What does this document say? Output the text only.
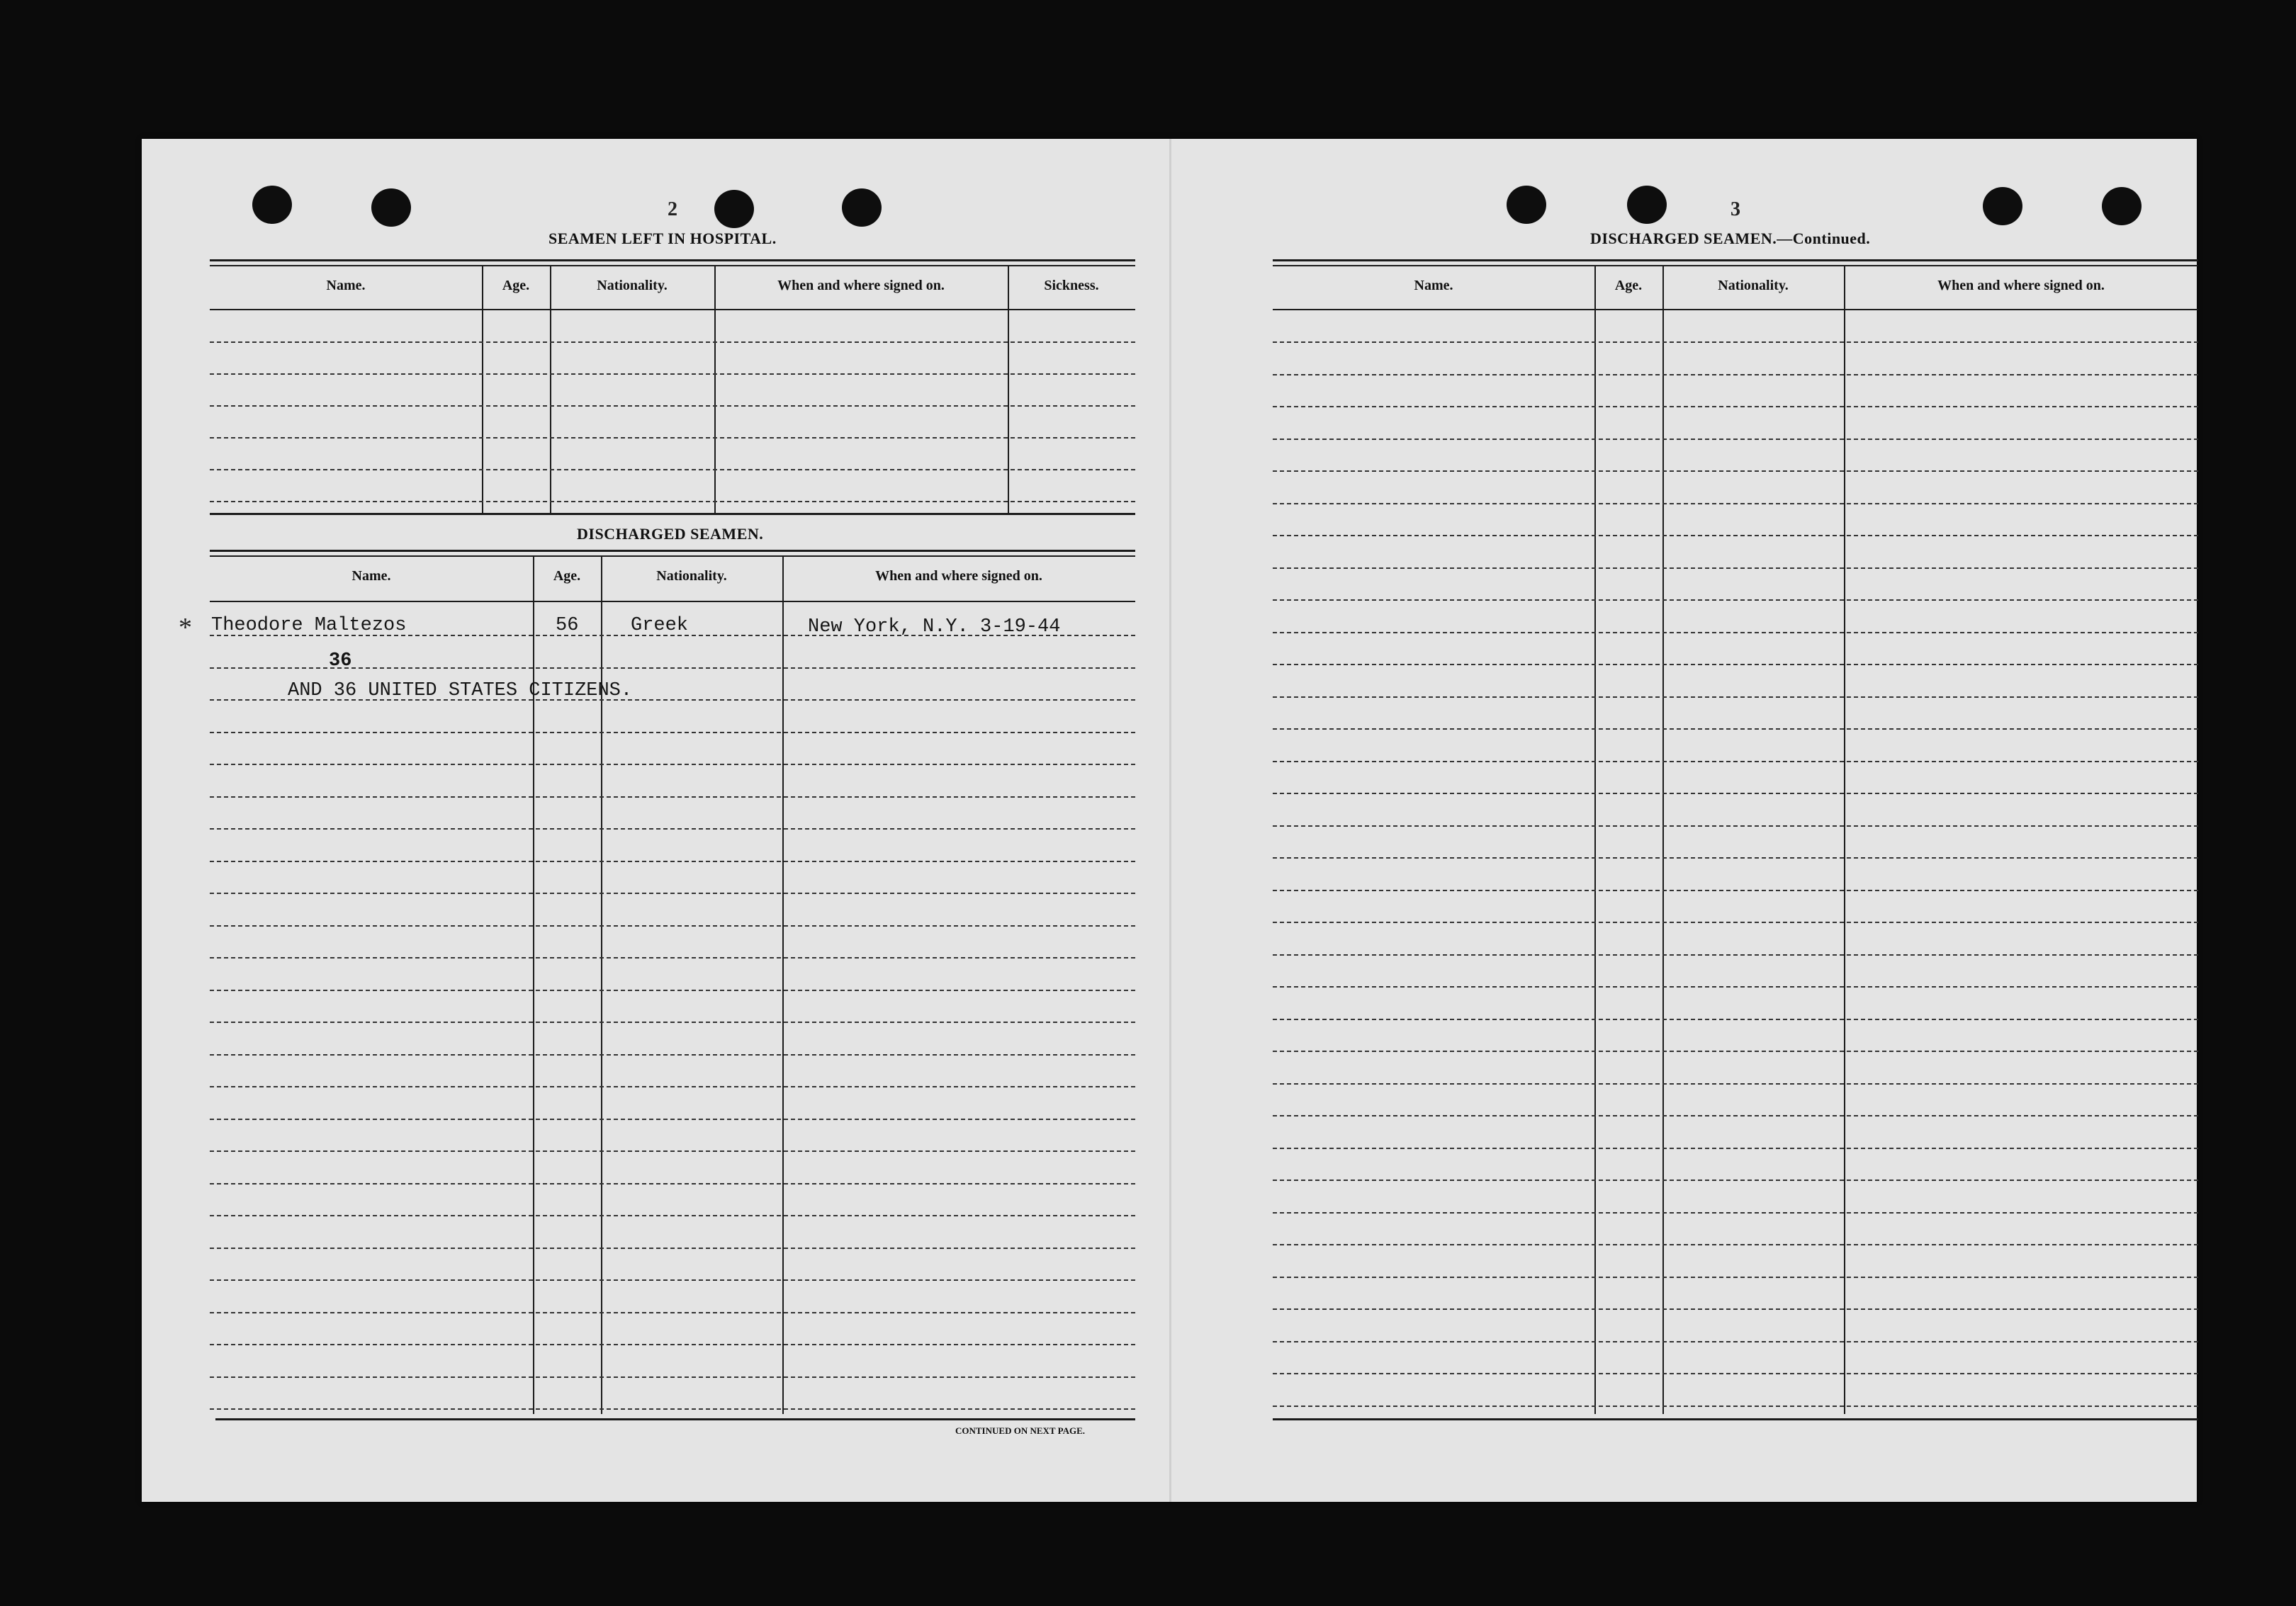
2
SEAMEN LEFT IN HOSPITAL.
Name.	Age.	Nationality.	When and where signed on.	Sickness.
DISCHARGED SEAMEN.
Name.	Age.	Nationality.	When and where signed on.
* Theodore Maltezos	56	Greek	New York, N.Y. 3-19-44
36
AND 36 UNITED STATES CITIZENS.
CONTINUED ON NEXT PAGE.
3
DISCHARGED SEAMEN.—Continued.
Name.	Age.	Nationality.	When and where signed on.
